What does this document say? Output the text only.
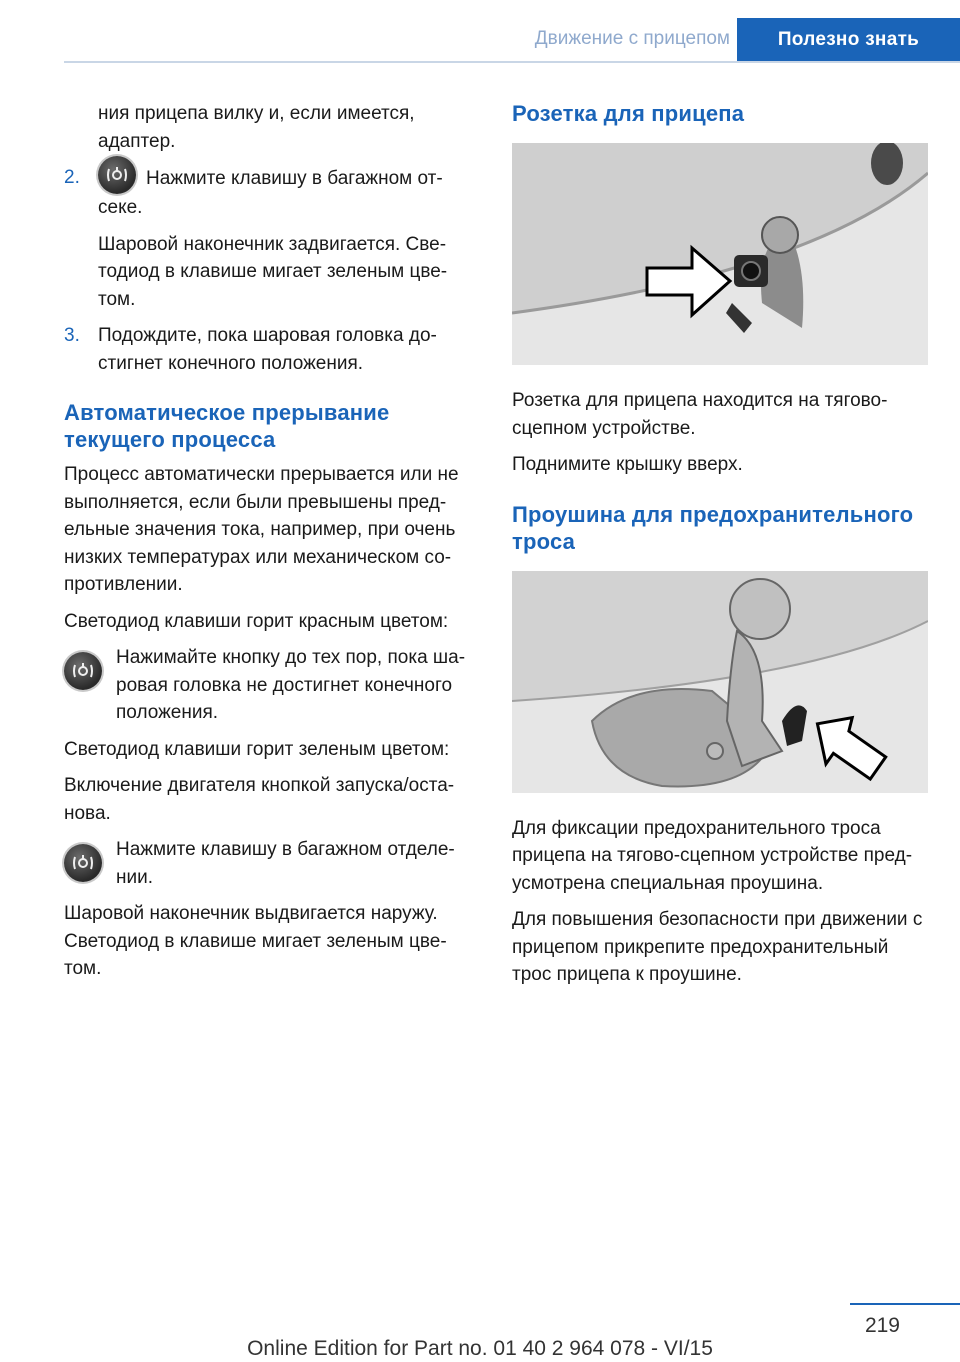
Движение с прицепом	Полезно знать

ния прицепа вилку и, если имеется, адаптер.

2.	Нажмите клавишу в багажном отсеке.

Шаровой наконечник задвигается. Светодиод в клавише мигает зеленым цветом.

3. Подождите, пока шаровая головка достигнет конечного положения.
Автоматическое прерывание текущего процесса

Процесс автоматически прерывается или не выполняется, если были превышены предельные значения тока, например, при очень низких температурах или механическом сопротивлении.

Светодиод клавиши горит красным цветом:

Нажимайте кнопку до тех пор, пока шаровая головка не достигнет конечного положения.

Светодиод клавиши горит зеленым цветом:

Включение двигателя кнопкой запуска/останова.

Нажмите клавишу в багажном отделении.

Шаровой наконечник выдвигается наружу. Светодиод в клавише мигает зеленым цветом.

Розетка для прицепа

Розетка для прицепа находится на тягово-сцепном устройстве.

Поднимите крышку вверх.

Проушина для предохранительного троса

Для фиксации предохранительного троса прицепа на тягово-сцепном устройстве предусмотрена специальная проушина.

Для повышения безопасности при движении с прицепом прикрепите предохранительный трос прицепа к проушине.

219
Online Edition for Part no. 01 40 2 964 078 - VI/15
